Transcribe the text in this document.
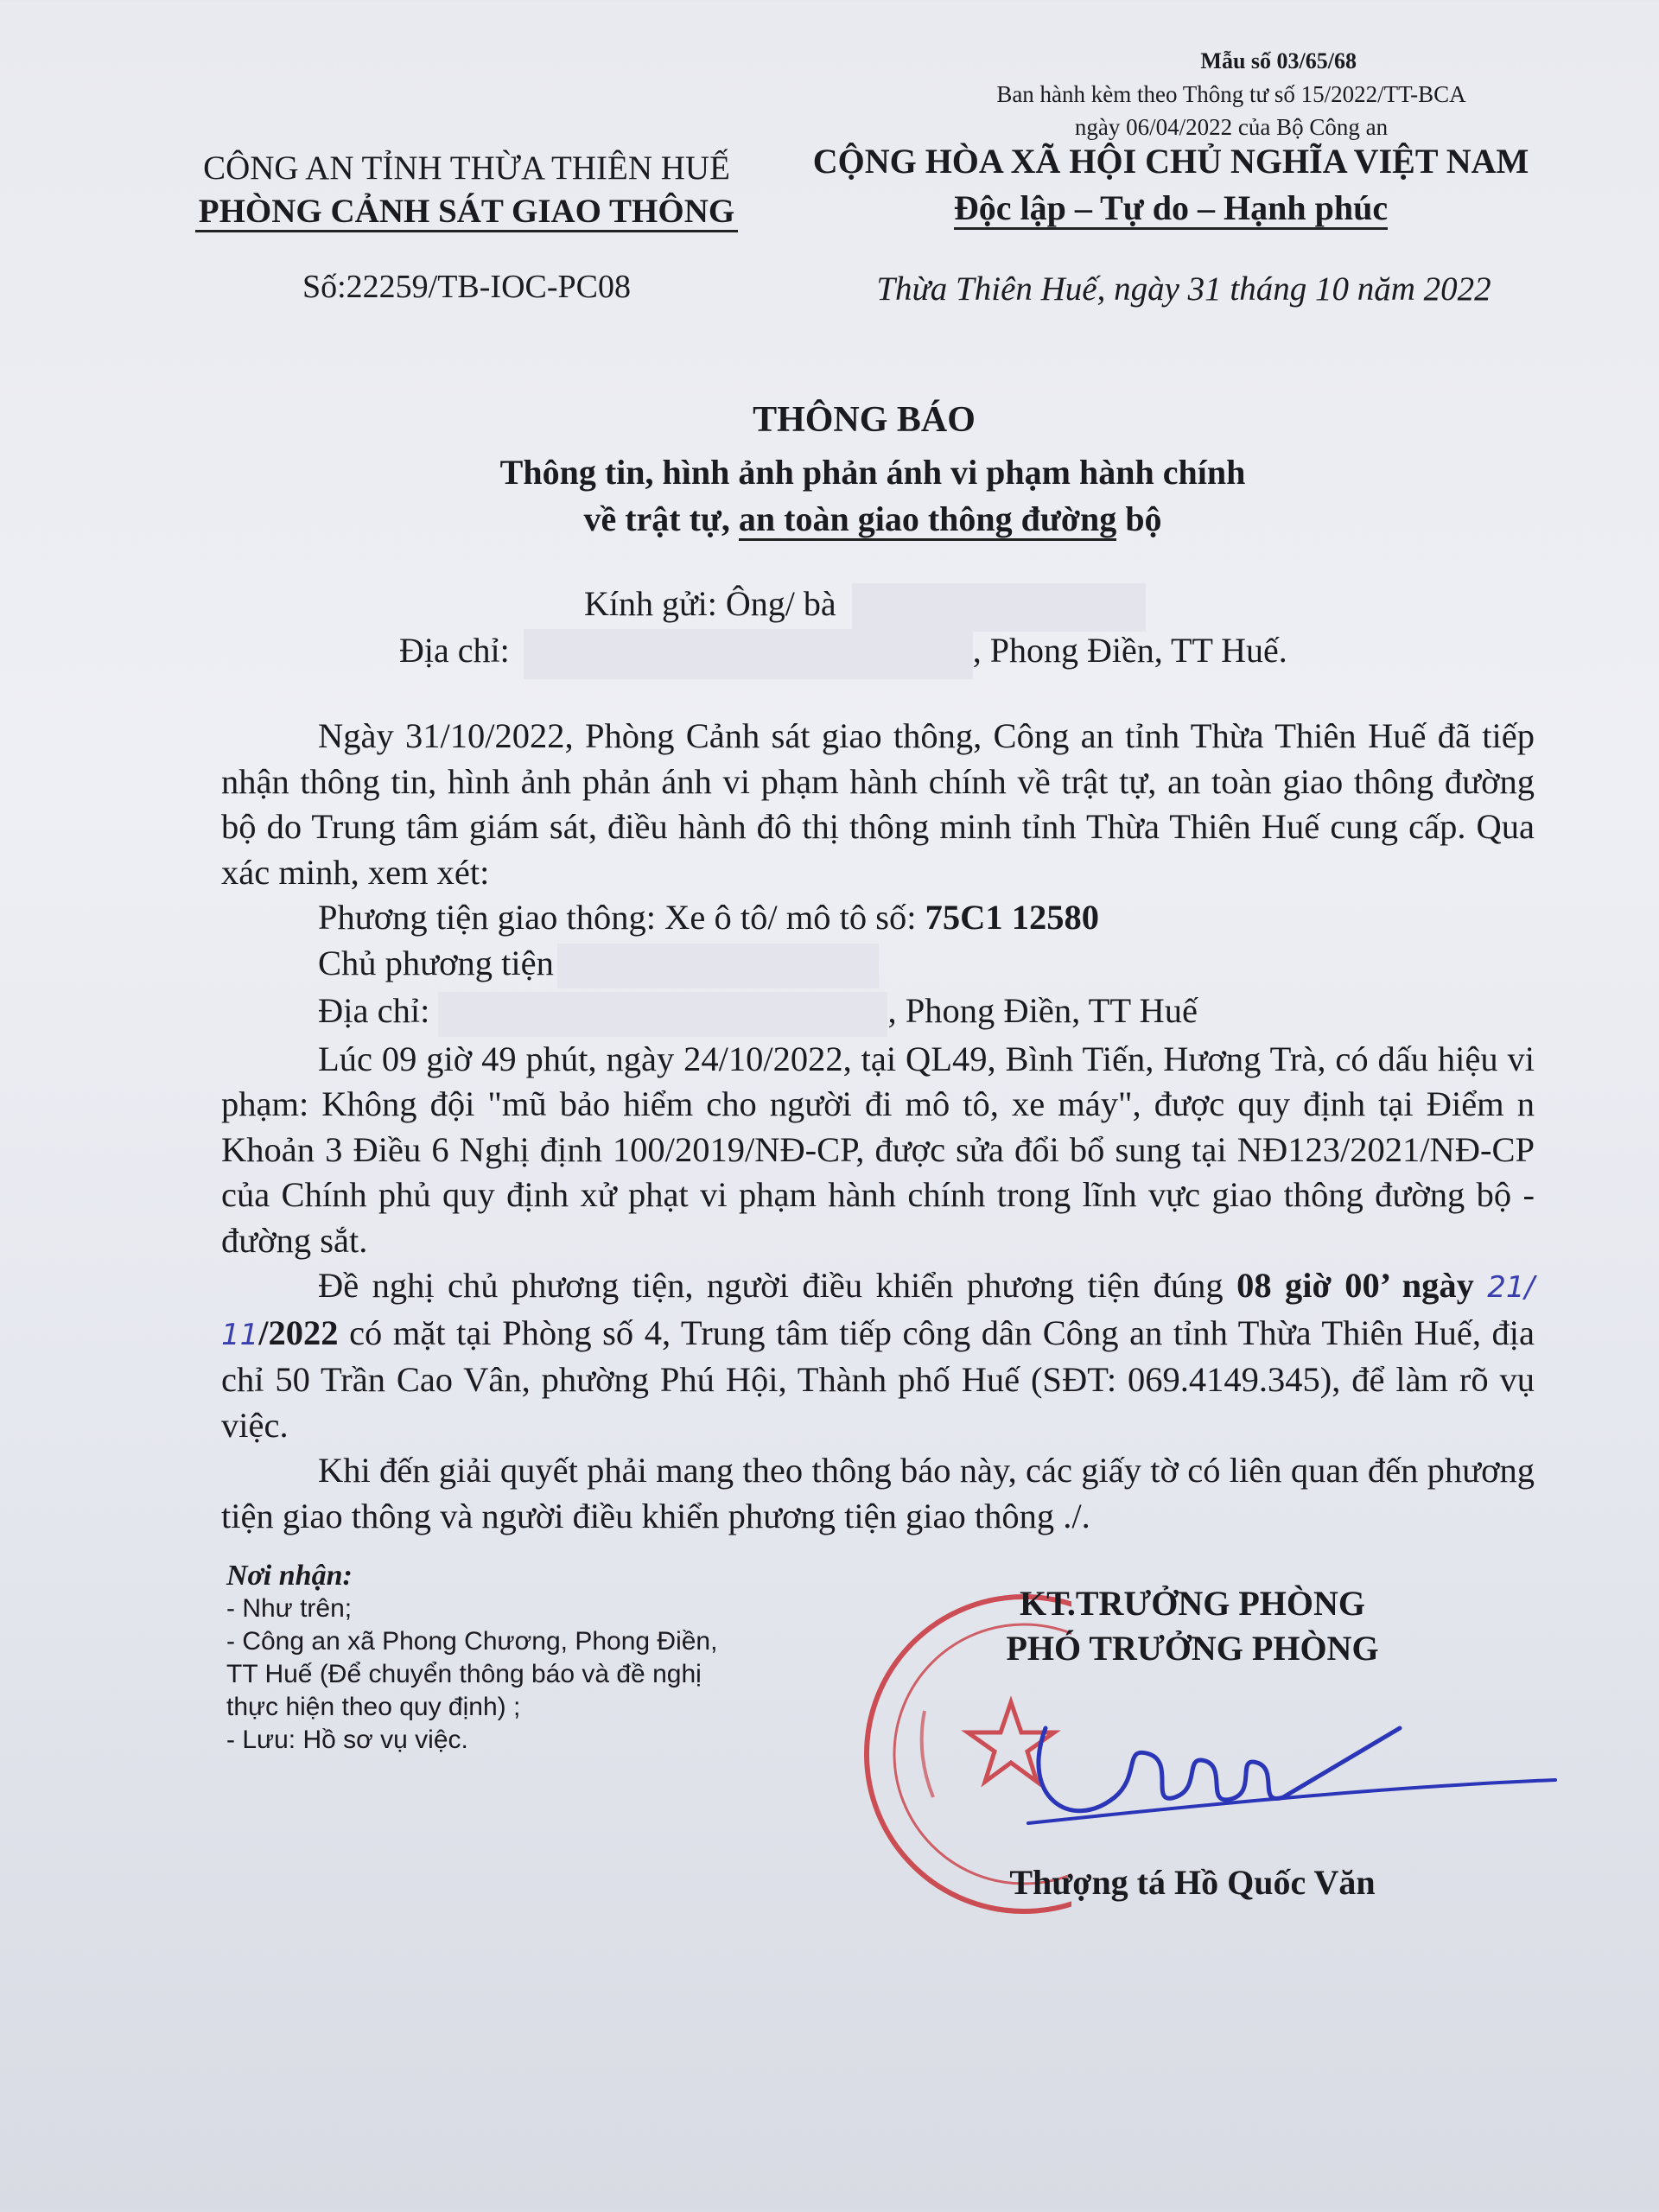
Mẫu số 03/65/68
Ban hành kèm theo Thông tư số 15/2022/TT-BCA
ngày 06/04/2022 của Bộ Công an
CÔNG AN TỈNH THỪA THIÊN HUẾ
PHÒNG CẢNH SÁT GIAO THÔNG
CỘNG HÒA XÃ HỘI CHỦ NGHĨA VIỆT NAM
Độc lập – Tự do – Hạnh phúc
Số:22259/TB-IOC-PC08	Thừa Thiên Huế, ngày 31 tháng 10 năm 2022
THÔNG BÁO
Thông tin, hình ảnh phản ánh vi phạm hành chính
về trật tự, an toàn giao thông đường bộ
Kính gửi: Ông/ bà
Địa chỉ:	, Phong Điền, TT Huế.

Ngày 31/10/2022, Phòng Cảnh sát giao thông, Công an tỉnh Thừa Thiên Huế đã tiếp nhận thông tin, hình ảnh phản ánh vi phạm hành chính về trật tự, an toàn giao thông đường bộ do Trung tâm giám sát, điều hành đô thị thông minh tỉnh Thừa Thiên Huế cung cấp. Qua xác minh, xem xét:

Phương tiện giao thông: Xe ô tô/ mô tô số: 75C1 12580

Chủ phương tiện

Địa chỉ:	, Phong Điền, TT Huế

Lúc 09 giờ 49 phút, ngày 24/10/2022, tại QL49, Bình Tiến, Hương Trà, có dấu hiệu vi phạm: Không đội "mũ bảo hiểm cho người đi mô tô, xe máy", được quy định tại Điểm n Khoản 3 Điều 6 Nghị định 100/2019/NĐ-CP, được sửa đổi bổ sung tại NĐ123/2021/NĐ-CP của Chính phủ quy định xử phạt vi phạm hành chính trong lĩnh vực giao thông đường bộ - đường sắt.

Đề nghị chủ phương tiện, người điều khiển phương tiện đúng 08 giờ 00’ ngày 21/ 11/2022 có mặt tại Phòng số 4, Trung tâm tiếp công dân Công an tỉnh Thừa Thiên Huế, địa chỉ 50 Trần Cao Vân, phường Phú Hội, Thành phố Huế (SĐT: 069.4149.345), để làm rõ vụ việc.

Khi đến giải quyết phải mang theo thông báo này, các giấy tờ có liên quan đến phương tiện giao thông và người điều khiển phương tiện giao thông ./.

Nơi nhận:
- Như trên;
- Công an xã Phong Chương, Phong Điền, TT Huế (Để chuyển thông báo và đề nghị thực hiện theo quy định) ;
- Lưu: Hồ sơ vụ việc.
KT.TRƯỞNG PHÒNG
PHÓ TRƯỞNG PHÒNG
Thượng tá Hồ Quốc Văn
